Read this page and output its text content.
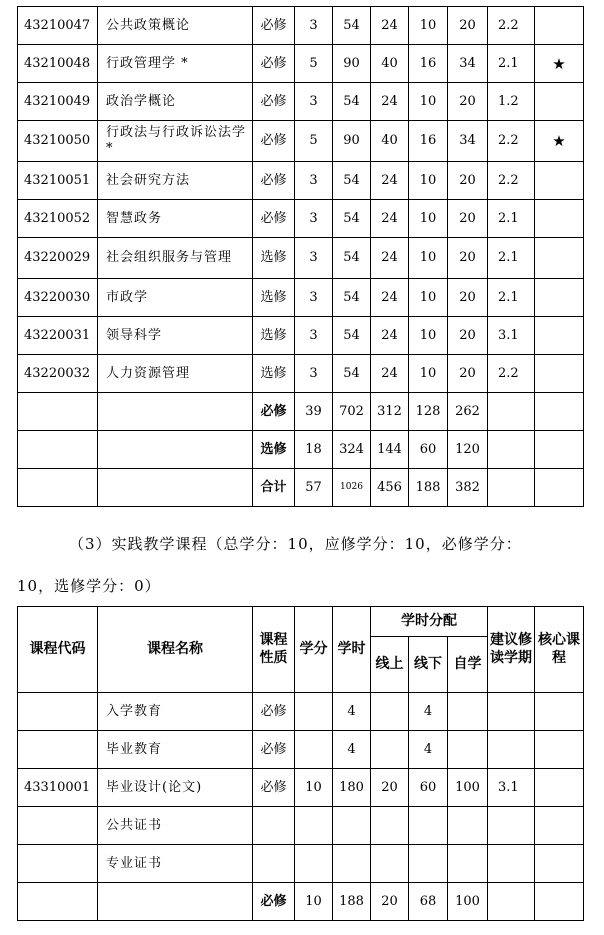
43210047	公共政策概论	必修	3	54	24	10	20	2.2	
43210048	行政管理学 *	必修	5	90	40	16	34	2.1	★
43210049	政治学概论	必修	3	54	24	10	20	1.2	
43210050	行政法与行政诉讼法学*	必修	5	90	40	16	34	2.2	★
43210051	社会研究方法	必修	3	54	24	10	20	2.2	
43210052	智慧政务	必修	3	54	24	10	20	2.1	
43220029	社会组织服务与管理	选修	3	54	24	10	20	2.1	
43220030	市政学	选修	3	54	24	10	20	2.1	
43220031	领导科学	选修	3	54	24	10	20	3.1	
43220032	人力资源管理	选修	3	54	24	10	20	2.2	
		必修	39	702	312	128	262		
		选修	18	324	144	60	120		
		合计	57	1026	456	188	382		
（3）实践教学课程（总学分：10，应修学分：10，必修学分：
10，选修学分：0）
课程代码	课程名称	课程性质	学分	学时	学时分配			建议修读学期	核心课程
					线上	线下	自学		
	入学教育	必修		4		4			
	毕业教育	必修		4		4			
43310001	毕业设计(论文)	必修	10	180	20	60	100	3.1	
	公共证书								
	专业证书								
		必修	10	188	20	68	100		
